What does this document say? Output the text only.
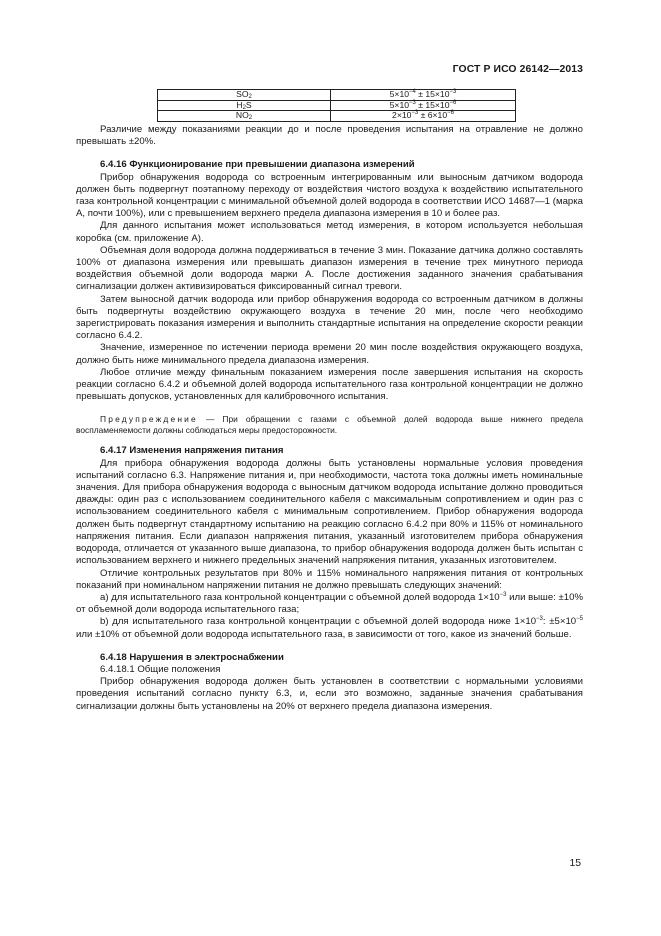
ГОСТ Р ИСО 26142—2013
$SO_2$	$5\times 10^{-4} \pm 15\times 10^{-3}$
$H_2S$	$5\times 10^{-3} \pm 15\times 10^{-6}$
$NO_2$	$2\times 10^{-3} \pm 6\times 10^{-6}$

Различие между показаниями реакции до и после проведения испытания на отравление не должно превышать ±20%.

6.4.16 Функционирование при превышении диапазона измерений

Прибор обнаружения водорода со встроенным интегрированным или выносным датчиком водорода должен быть подвергнут поэтапному переходу от воздействия чистого воздуха к воздействию испытательного газа контрольной концентрации с минимальной объемной долей водорода в соответствии ИСО 14687—1 (марка А, почти 100%), или с превышением верхнего предела диапазона измерения в 10 и более раз.

Для данного испытания может использоваться метод измерения, в котором используется небольшая коробка (см. приложение А).

Объемная доля водорода должна поддерживаться в течение 3 мин. Показание датчика должно составлять 100% от диапазона измерения или превышать диапазон измерения в течение трех минутного периода воздействия объемной доли водорода марки А. После достижения заданного значения срабатывания сигнализации должен активизироваться фиксированный сигнал тревоги.

Затем выносной датчик водорода или прибор обнаружения водорода со встроенным датчиком в должны быть подвергнуты воздействию окружающего воздуха в течение 20 мин, после чего необходимо зарегистрировать показания измерения и выполнить стандартные испытания на определение скорости реакции согласно 6.4.2.

Значение, измеренное по истечении периода времени 20 мин после воздействия окружающего воздуха, должно быть ниже минимального предела диапазона измерения.

Любое отличие между финальным показанием измерения после завершения испытания на скорость реакции согласно 6.4.2 и объемной долей водорода испытательного газа контрольной концентрации не должно превышать допусков, установленных для калибровочного испытания.

Предупреждение — При обращении с газами с объемной долей водорода выше нижнего предела воспламеняемости должны соблюдаться меры предосторожности.

6.4.17 Изменения напряжения питания

Для прибора обнаружения водорода должны быть установлены нормальные условия проведения испытаний согласно 6.3. Напряжение питания и, при необходимости, частота тока должны иметь номинальные значения. Для прибора обнаружения водорода с выносным датчиком водорода испытание должно проводиться дважды: один раз с использованием соединительного кабеля с максимальным сопротивлением и один раз с использованием соединительного кабеля с минимальным сопротивлением. Прибор обнаружения водорода должен быть подвергнут стандартному испытанию на реакцию согласно 6.4.2 при 80% и 115% от номинального напряжения питания. Если диапазон напряжения питания, указанный изготовителем прибора обнаружения водорода, отличается от указанного выше диапазона, то прибор обнаружения водорода должен быть испытан с использованием верхнего и нижнего предельных значений напряжения питания, указанных изготовителем.

Отличие контрольных результатов при 80% и 115% номинального напряжения питания от контрольных показаний при номинальном напряжении питания не должно превышать следующих значений:

а) для испытательного газа контрольной концентрации с объемной долей водорода $1\times 10^{-3}$ или выше: ±10% от объемной доли водорода испытательного газа;

b) для испытательного газа контрольной концентрации с объемной долей водорода ниже $1\times 10^{-3}$: $\pm 5\times 10^{-5}$ или ±10% от объемной доли водорода испытательного газа, в зависимости от того, какое из значений больше.

6.4.18 Нарушения в электроснабжении

6.4.18.1 Общие положения

Прибор обнаружения водорода должен быть установлен в соответствии с нормальными условиями проведения испытаний согласно пункту 6.3, и, если это возможно, заданные значения срабатывания сигнализации должны быть установлены на 20% от верхнего предела диапазона измерения.

15
